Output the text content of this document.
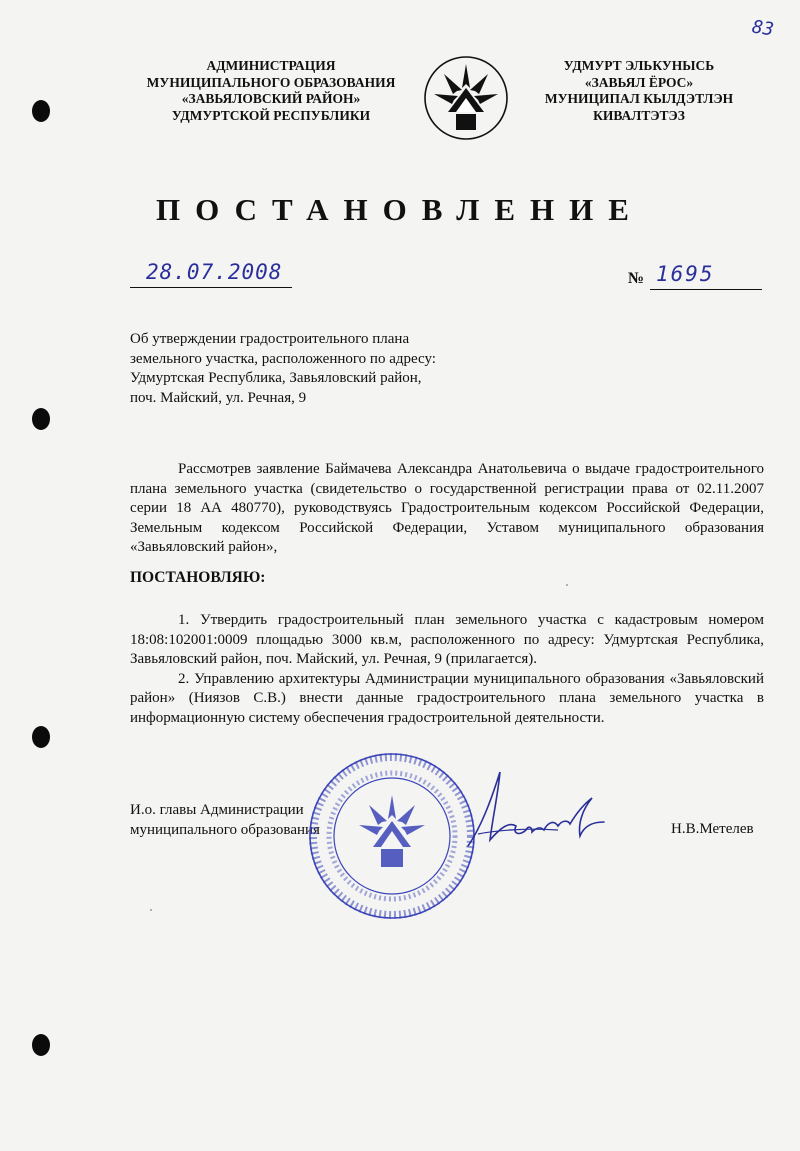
83
АДМИНИСТРАЦИЯ
МУНИЦИПАЛЬНОГО ОБРАЗОВАНИЯ
«ЗАВЬЯЛОВСКИЙ РАЙОН»
УДМУРТСКОЙ РЕСПУБЛИКИ
УДМУРТ ЭЛЬКУНЫСЬ
«ЗАВЬЯЛ ЁРОС»
МУНИЦИПАЛ КЫЛДЭТЛЭН
КИВАЛТЭТЭЗ
ПОСТАНОВЛЕНИЕ
28.07.2008	№ 1695
Об утверждении градостроительного плана
земельного участка, расположенного по адресу:
Удмуртская Республика, Завьяловский район,
поч. Майский, ул. Речная, 9

Рассмотрев заявление Баймачева Александра Анатольевича о выдаче градостроительного плана земельного участка (свидетельство о государственной регистрации права от 02.11.2007 серии 18 АА 480770), руководствуясь Градостроительным кодексом Российской Федерации, Земельным кодексом Российской Федерации, Уставом муниципального образования «Завьяловский район»,

ПОСТАНОВЛЯЮ:

1. Утвердить градостроительный план земельного участка с кадастровым номером 18:08:102001:0009 площадью 3000 кв.м, расположенного по адресу: Удмуртская Республика, Завьяловский район, поч. Майский, ул. Речная, 9 (прилагается).

2. Управлению архитектуры Администрации муниципального образования «Завьяловский район» (Ниязов С.В.) внести данные градостроительного плана земельного участка в информационную систему обеспечения градостроительной деятельности.

И.о. главы Администрации
муниципального образования	Н.В.Метелев
